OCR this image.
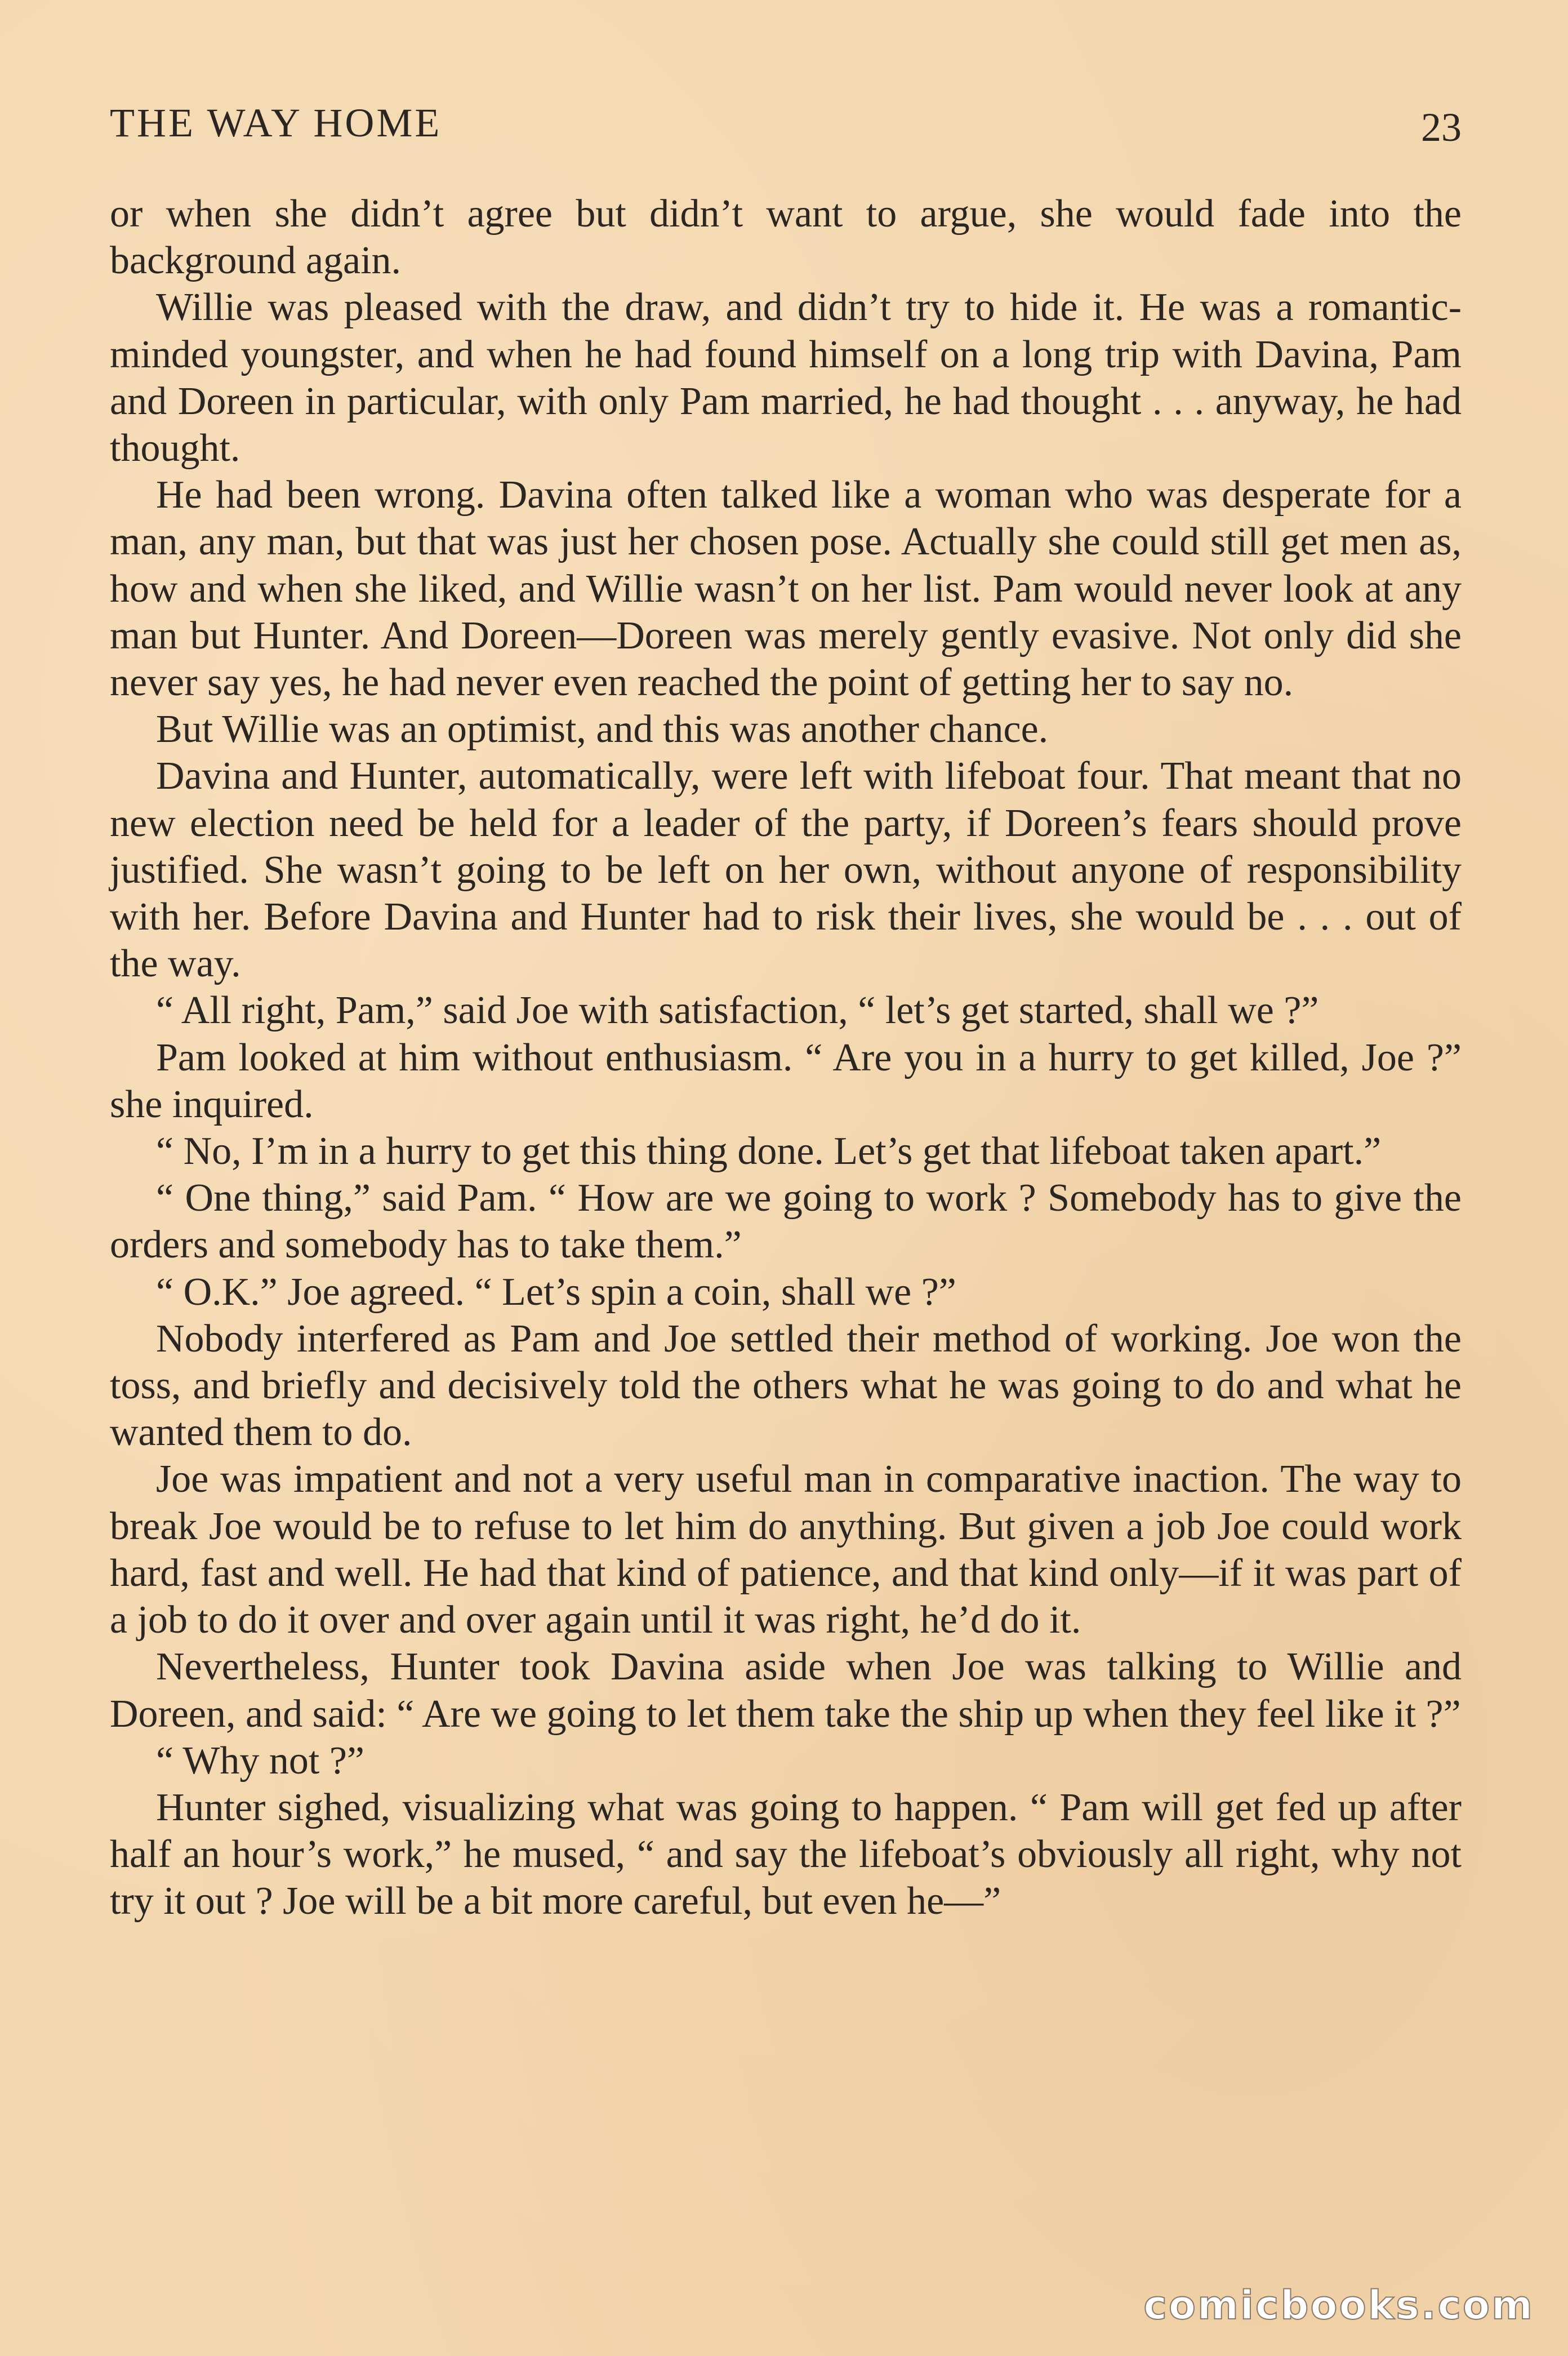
THE WAY HOME	23

or when she didn’t agree but didn’t want to argue, she would fade into the background again.

Willie was pleased with the draw, and didn’t try to hide it. He was a romantic-minded youngster, and when he had found himself on a long trip with Davina, Pam and Doreen in particular, with only Pam married, he had thought . . . anyway, he had thought.

He had been wrong. Davina often talked like a woman who was desperate for a man, any man, but that was just her chosen pose. Actually she could still get men as, how and when she liked, and Willie wasn’t on her list. Pam would never look at any man but Hunter. And Doreen—Doreen was merely gently evasive. Not only did she never say yes, he had never even reached the point of getting her to say no.

But Willie was an optimist, and this was another chance.

Davina and Hunter, automatically, were left with lifeboat four. That meant that no new election need be held for a leader of the party, if Doreen’s fears should prove justified. She wasn’t going to be left on her own, without anyone of responsibility with her. Before Davina and Hunter had to risk their lives, she would be . . . out of the way.

“ All right, Pam,” said Joe with satisfaction, “ let’s get started, shall we ?”

Pam looked at him without enthusiasm. “ Are you in a hurry to get killed, Joe ?” she inquired.

“ No, I’m in a hurry to get this thing done. Let’s get that lifeboat taken apart.”

“ One thing,” said Pam. “ How are we going to work ? Somebody has to give the orders and somebody has to take them.”

“ O.K.” Joe agreed. “ Let’s spin a coin, shall we ?”

Nobody interfered as Pam and Joe settled their method of working. Joe won the toss, and briefly and decisively told the others what he was going to do and what he wanted them to do.

Joe was impatient and not a very useful man in comparative inaction. The way to break Joe would be to refuse to let him do anything. But given a job Joe could work hard, fast and well. He had that kind of patience, and that kind only—if it was part of a job to do it over and over again until it was right, he’d do it.

Nevertheless, Hunter took Davina aside when Joe was talking to Willie and Doreen, and said: “ Are we going to let them take the ship up when they feel like it ?”

“ Why not ?”

Hunter sighed, visualizing what was going to happen. “ Pam will get fed up after half an hour’s work,” he mused, “ and say the lifeboat’s obviously all right, why not try it out ? Joe will be a bit more careful, but even he—”

comicbooks.com
